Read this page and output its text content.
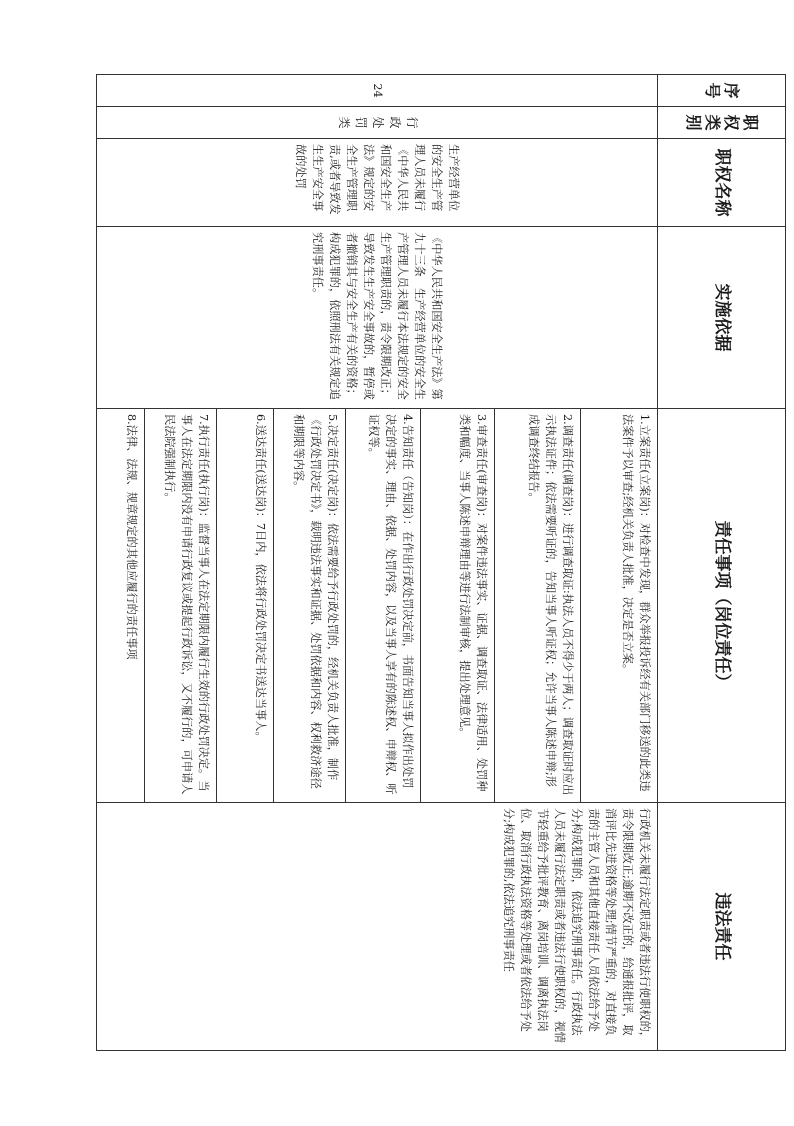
序号	职权类别	职权名称	实施依据	责任事项（岗位责任）	违法责任
24	行政处罚类	生产经营单位的安全生产管理人员未履行《中华人民共和国安全生产法》规定的安全生产管理职责,或者导致发生生产安全事故的处罚	《中华人民共和国安全生产法》第九十三条　生产经营单位的安全生产管理人员未履行本法规定的安全生产管理职责的，责令限期改正；导致发生生产安全事故的，暂停或者撤销其与安全生产有关的资格；构成犯罪的，依照刑法有关规定追究刑事责任。	1.立案责任(立案岗)：对检查中发现，群众举报投诉经有关部门移送的此类违法案件予以审查;经机关负责人批准，决定是否立案。	行政机关未履行法定职责或者违法行使职权的，责令限期改正;逾期不改正的，给通报批评，取消评比先进资格等处理;情节严重的，对直接负责的主管人员和其他直接责任人员依法给予处分;构成犯罪的，依法追究刑事责任。行政执法人员未履行法定职责或者违法行使职权的，视情节轻重给予批评教育、离岗培训、调离执法岗位、取消行政执法资格等处理或者依法给予处分;构成犯罪的,依法追究刑事责任
				2.调查责任(调查岗)：进行调查取证:执法人员不得少于两人；调查取证时应出示执法证件；依法需要听证的，告知当事人听证权；允许当事人陈述申辩;形成调查终结报告。	
				3.审查责任(审查岗)：对案件违法事实、证据、调查取证、法律适用、处罚种类和幅度、当事人陈述申辩理由等进行法制审核，提出处理意见。	
				4.告知责任（告知岗）：在作出行政处罚决定前，书面告知当事人拟作出处罚决定的事实、理由、依据、处罚内容，以及当事人享有的陈述权、申辩权、听证权等。	
				5.决定责任(决定岗)：依法需要给予行政处罚的，经机关负责人批准，制作《行政处罚决定书》，载明违法事实和证据、处罚依据和内容、权利救济途径和期限等内容。	
				6.送达责任(送达岗)：7日内，依法将行政处罚决定书送达当事人。	
				7.执行责任(执行岗)：监督当事人在法定期限内履行生效的行政处罚决定。当事人在法定期限内没有申请行政复议或提起行政诉讼，又不履行的，可申请人民法院强制执行。	
				8.法律、法规、规章规定的其他应履行的责任事项	
